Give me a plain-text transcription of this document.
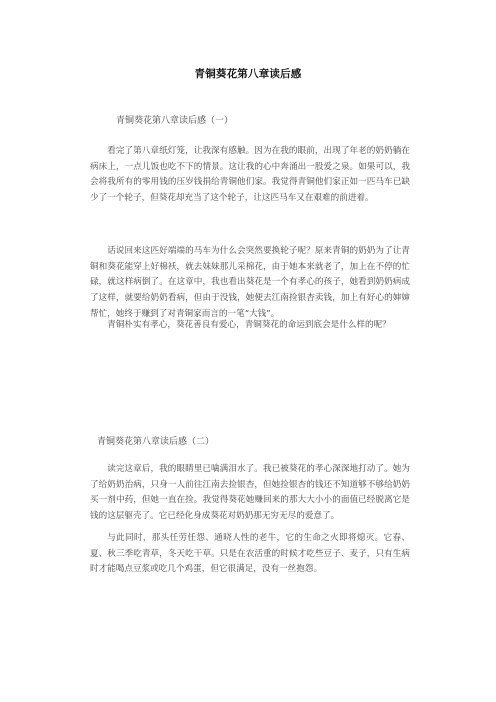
青铜葵花第八章读后感
青铜葵花第八章读后感（一）

看完了第八章纸灯笼，让我深有感触。因为在我的眼前，出现了年老的奶奶躺在病床上，一点儿饭也吃不下的情景。这让我的心中奔涌出一股爱之泉。如果可以，我会将我所有的零用钱的压岁钱捐给青铜他们家。我觉得青铜他们家正如一匹马车已缺少了一个轮子，但葵花却充当了这个轮子，让这匹马车又在艰难的前进着。

话说回来这匹好端端的马车为什么会突然要换轮子呢？原来青铜的奶奶为了让青铜和葵花能穿上好棉袄，就去妹妹那儿采棉花，由于她本来就老了，加上在不停的忙碌，就这样病倒了。在这章中，我也看出葵花是一个有孝心的孩子，她看到奶奶病成了这样，就要给奶奶看病，但由于没钱，她便去江南捡银杏卖钱，加上有好心的婶婶帮忙，她终于赚到了对青铜家而言的一笔“大钱”。

青铜朴实有孝心，葵花善良有爱心，青铜葵花的命运到底会是什么样的呢？

青铜葵花第八章读后感（二）

读完这章后，我的眼睛里已噙满泪水了。我已被葵花的孝心深深地打动了。她为了给奶奶治病，只身一人前往江南去捡银杏，但她捡银杏的钱还不知道够不够给奶奶买一剂中药，但她一直在捡。我觉得葵花她赚回来的那大大小小的面值已经脱离它是钱的这层躯壳了。它已经化身成葵花对奶奶那无穷无尽的爱意了。

与此同时，那头任劳任怨、通晓人性的老牛，它的生命之火即将熄灭。它春、夏、秋三季吃青草，冬天吃干草。只是在农活重的时候才吃些豆子、麦子，只有生病时才能喝点豆浆或吃几个鸡蛋，但它很满足，没有一丝抱怨。
